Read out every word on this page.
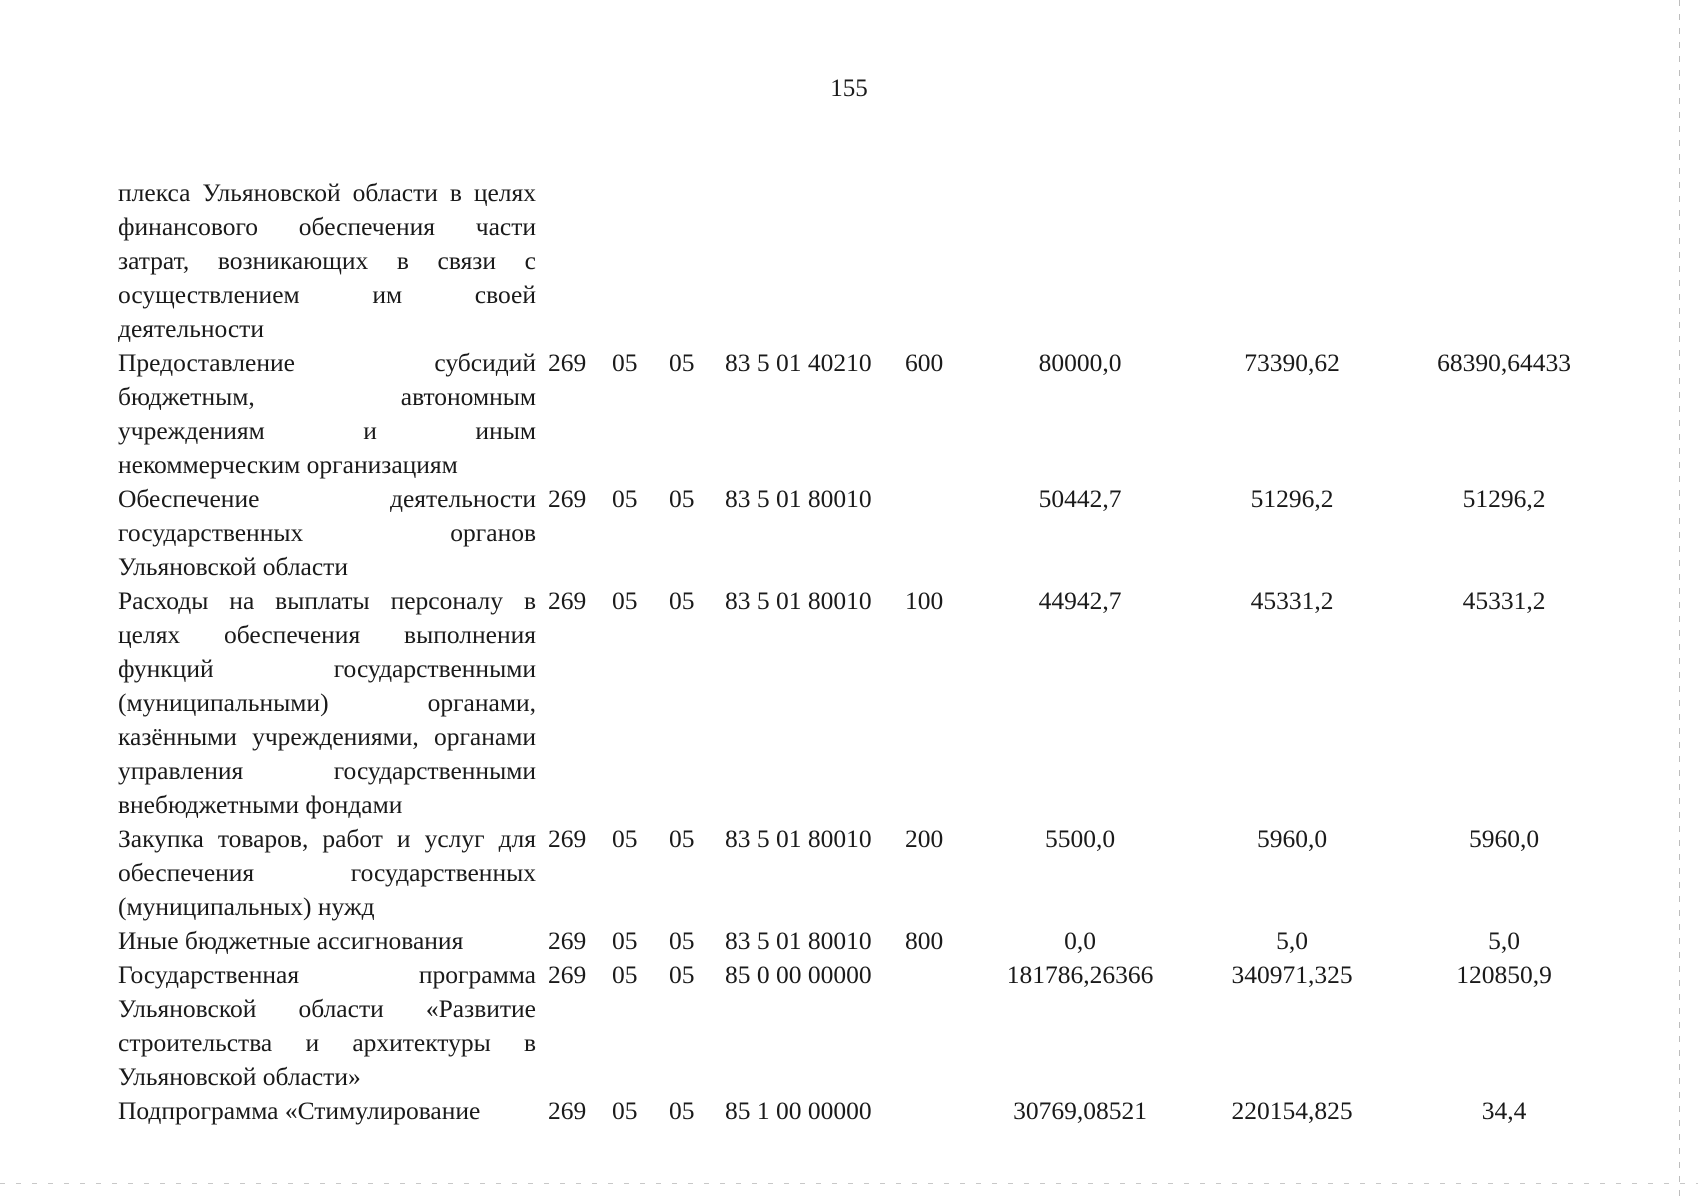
155
плекса Ульяновской области в целях финансового обеспечения части затрат, возникающих в связи с осуществлением им своей деятельности								
Предоставление субсидий бюджетным, автономным учреждениям и иным некоммерческим организациям	269	05	05	83 5 01 40210	600	80000,0	73390,62	68390,64433
Обеспечение деятельности государственных органов Ульяновской области	269	05	05	83 5 01 80010		50442,7	51296,2	51296,2
Расходы на выплаты персоналу в целях обеспечения выполнения функций государственными (муниципальными) органами, казёнными учреждениями, органами управления государственными внебюджетными фондами	269	05	05	83 5 01 80010	100	44942,7	45331,2	45331,2
Закупка товаров, работ и услуг для обеспечения государственных (муниципальных) нужд	269	05	05	83 5 01 80010	200	5500,0	5960,0	5960,0
Иные бюджетные ассигнования	269	05	05	83 5 01 80010	800	0,0	5,0	5,0
Государственная программа Ульяновской области «Развитие строительства и архитектуры в Ульяновской области»	269	05	05	85 0 00 00000		181786,26366	340971,325	120850,9
Подпрограмма «Стимулирование	269	05	05	85 1 00 00000		30769,08521	220154,825	34,4
